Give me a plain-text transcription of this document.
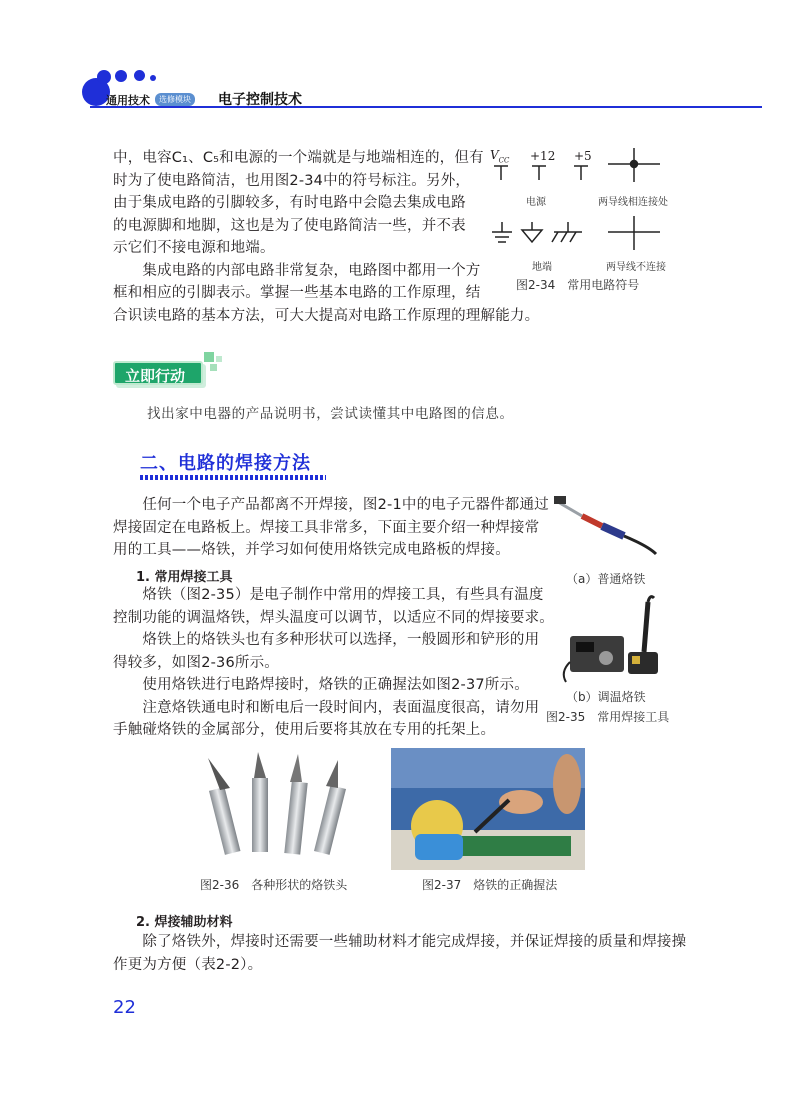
通用技术	选修模块 电子控制技术
中，电容C₁、C₅和电源的一个端就是与地端相连的，但有
时为了使电路简洁，也用图2-34中的符号标注。另外，
由于集成电路的引脚较多，有时电路中会隐去集成电路
的电源脚和地脚，这也是为了使电路简洁一些，并不表
示它们不接电源和地端。
　　集成电路的内部电路非常复杂，电路图中都用一个方
框和相应的引脚表示。掌握一些基本电路的工作原理，结
合识读电路的基本方法，可大大提高对电路工作原理的理解能力。
$V_{CC} +12 +5$
电源	两导线相连接处
地端	两导线不连接
图2-34　常用电路符号
立即行动
找出家中电器的产品说明书，尝试读懂其中电路图的信息。
二、电路的焊接方法
　　任何一个电子产品都离不开焊接，图2-1中的电子元器件都通过
焊接固定在电路板上。焊接工具非常多，下面主要介绍一种焊接常
用的工具——烙铁，并学习如何使用烙铁完成电路板的焊接。
1. 常用焊接工具
　　烙铁（图2-35）是电子制作中常用的焊接工具，有些具有温度
控制功能的调温烙铁，焊头温度可以调节，以适应不同的焊接要求。
　　烙铁上的烙铁头也有多种形状可以选择，一般圆形和铲形的用
得较多，如图2-36所示。
　　使用烙铁进行电路焊接时，烙铁的正确握法如图2-37所示。
　　注意烙铁通电时和断电后一段时间内，表面温度很高，请勿用
手触碰烙铁的金属部分，使用后要将其放在专用的托架上。
（a）普通烙铁
（b）调温烙铁
图2-35　常用焊接工具
图2-36　各种形状的烙铁头	图2-37　烙铁的正确握法
2. 焊接辅助材料
　　除了烙铁外，焊接时还需要一些辅助材料才能完成焊接，并保证焊接的质量和焊接操
作更为方便（表2-2）。
22
